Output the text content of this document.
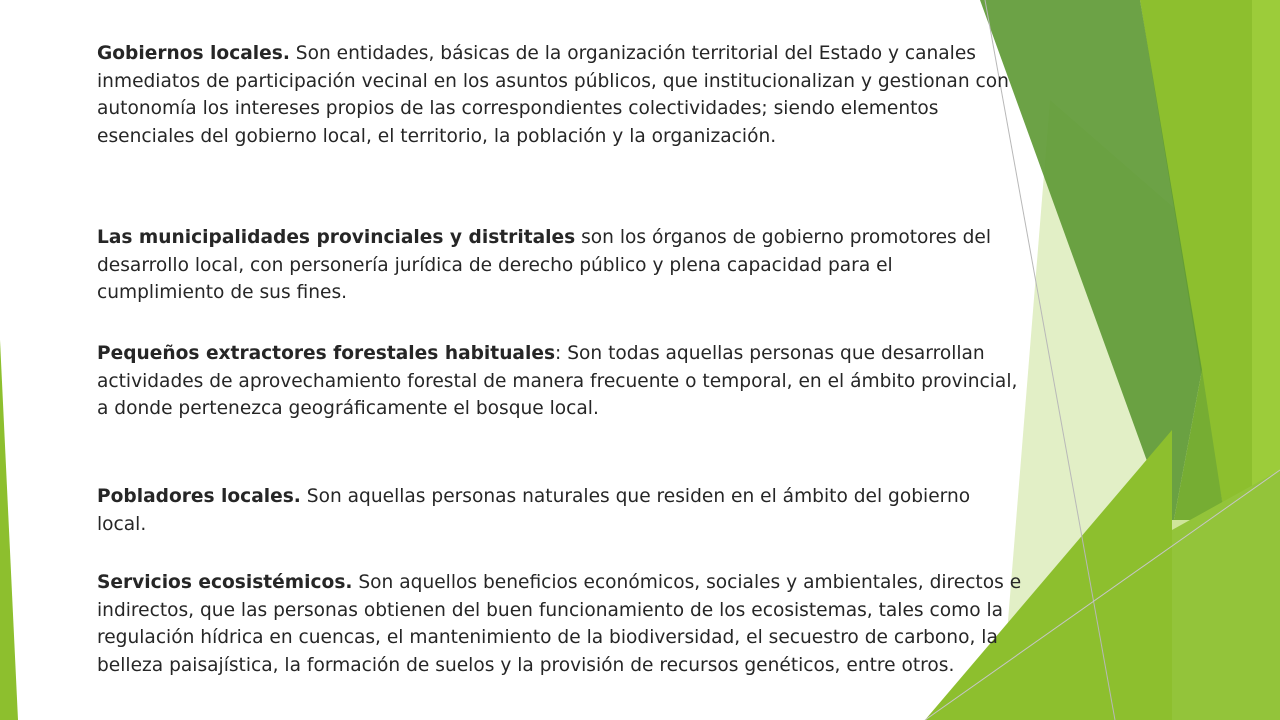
Gobiernos locales. Son entidades, básicas de la organización territorial del Estado y canales inmediatos de participación vecinal en los asuntos públicos, que institucionalizan y gestionan con autonomía los intereses propios de las correspondientes colectividades; siendo elementos esenciales del gobierno local, el territorio, la población y la organización.

Las municipalidades provinciales y distritales son los órganos de gobierno promotores del desarrollo local, con personería jurídica de derecho público y plena capacidad para el cumplimiento de sus fines.

Pequeños extractores forestales habituales: Son todas aquellas personas que desarrollan actividades de aprovechamiento forestal de manera frecuente o temporal, en el ámbito provincial, a donde pertenezca geográficamente el bosque local.

Pobladores locales. Son aquellas personas naturales que residen en el ámbito del gobierno local.

Servicios ecosistémicos. Son aquellos beneficios económicos, sociales y ambientales, directos e indirectos, que las personas obtienen del buen funcionamiento de los ecosistemas, tales como la regulación hídrica en cuencas, el mantenimiento de la biodiversidad, el secuestro de carbono, la belleza paisajística, la formación de suelos y la provisión de recursos genéticos, entre otros.
